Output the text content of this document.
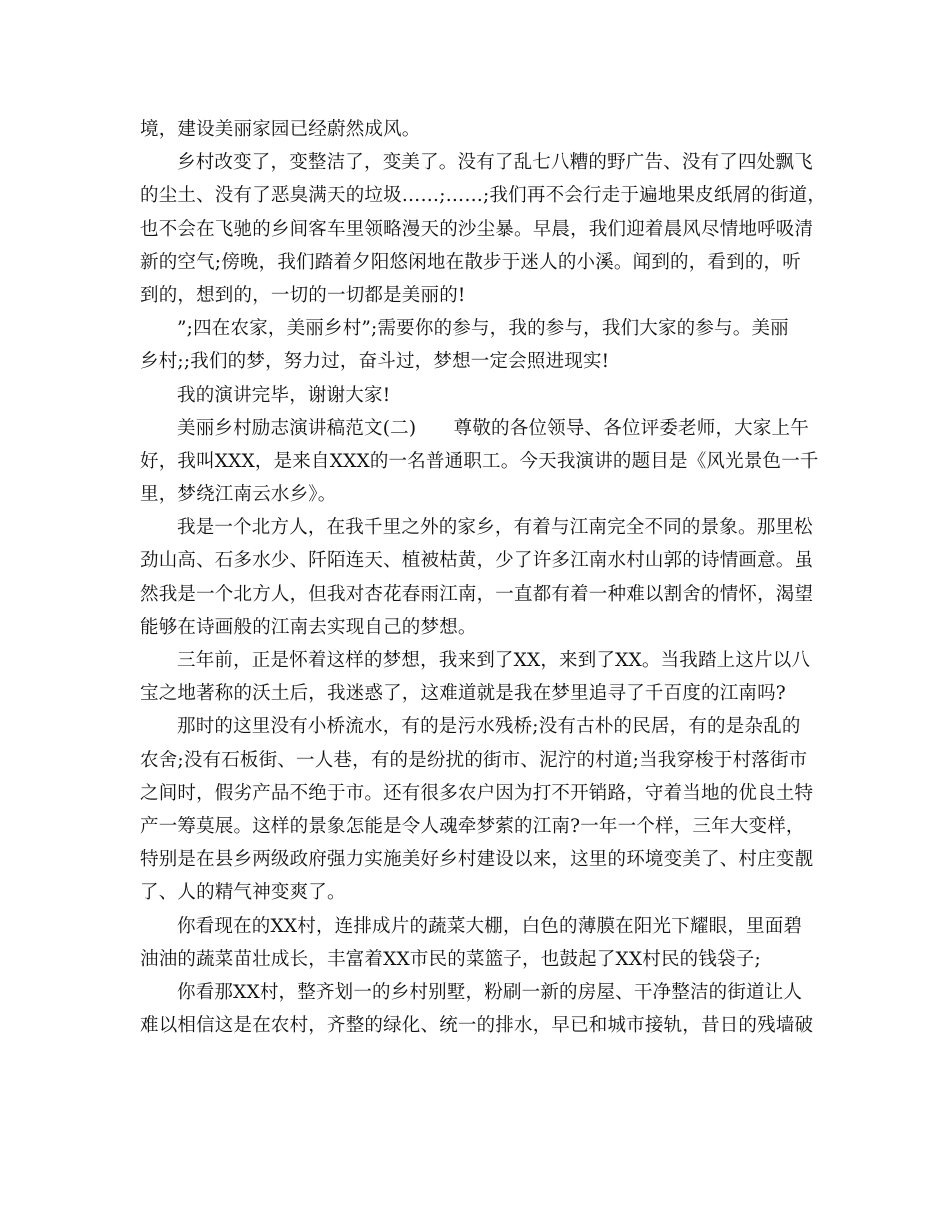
境，建设美丽家园已经蔚然成风。
乡村改变了，变整洁了，变美了。没有了乱七八糟的野广告、没有了四处飘飞
的尘土、没有了恶臭满天的垃圾……;……;我们再不会行走于遍地果皮纸屑的街道，
也不会在飞驰的乡间客车里领略漫天的沙尘暴。早晨，我们迎着晨风尽情地呼吸清
新的空气;傍晚，我们踏着夕阳悠闲地在散步于迷人的小溪。闻到的，看到的，听
到的，想到的，一切的一切都是美丽的!
”;四在农家，美丽乡村”;需要你的参与，我的参与，我们大家的参与。美丽
乡村;;我们的梦，努力过，奋斗过，梦想一定会照进现实!
我的演讲完毕，谢谢大家!
美丽乡村励志演讲稿范文(二)　　尊敬的各位领导、各位评委老师，大家上午
好，我叫XXX，是来自XXX的一名普通职工。今天我演讲的题目是《风光景色一千
里，梦绕江南云水乡》。
我是一个北方人，在我千里之外的家乡，有着与江南完全不同的景象。那里松
劲山高、石多水少、阡陌连天、植被枯黄，少了许多江南水村山郭的诗情画意。虽
然我是一个北方人，但我对杏花春雨江南，一直都有着一种难以割舍的情怀，渴望
能够在诗画般的江南去实现自己的梦想。
三年前，正是怀着这样的梦想，我来到了XX，来到了XX。当我踏上这片以八
宝之地著称的沃土后，我迷惑了，这难道就是我在梦里追寻了千百度的江南吗?
那时的这里没有小桥流水，有的是污水残桥;没有古朴的民居，有的是杂乱的
农舍;没有石板街、一人巷，有的是纷扰的街市、泥泞的村道;当我穿梭于村落街市
之间时，假劣产品不绝于市。还有很多农户因为打不开销路，守着当地的优良土特
产一筹莫展。这样的景象怎能是令人魂牵梦萦的江南?一年一个样，三年大变样，
特别是在县乡两级政府强力实施美好乡村建设以来，这里的环境变美了、村庄变靓
了、人的精气神变爽了。
你看现在的XX村，连排成片的蔬菜大棚，白色的薄膜在阳光下耀眼，里面碧
油油的蔬菜苗壮成长，丰富着XX市民的菜篮子，也鼓起了XX村民的钱袋子;
你看那XX村，整齐划一的乡村别墅，粉刷一新的房屋、干净整洁的街道让人
难以相信这是在农村，齐整的绿化、统一的排水，早已和城市接轨，昔日的残墙破
